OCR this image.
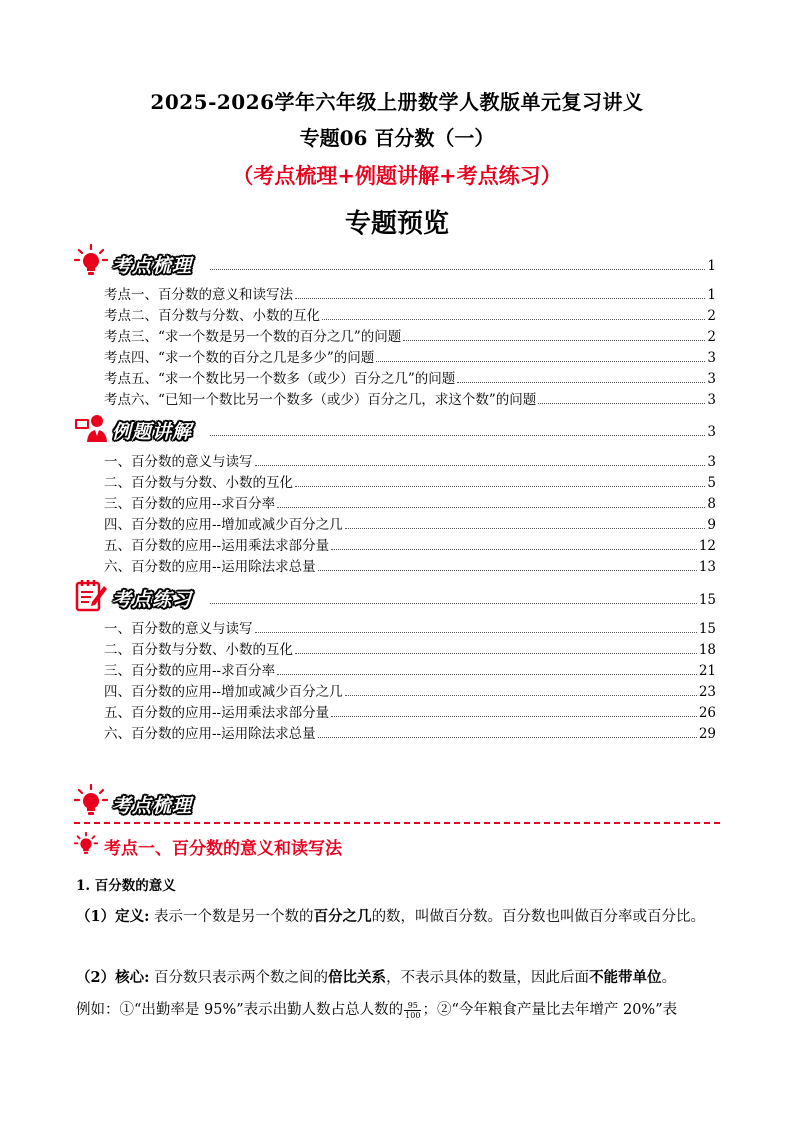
2025-2026学年六年级上册数学人教版单元复习讲义
专题06 百分数（一）
（考点梳理+例题讲解+考点练习）
专题预览
考点梳理	1
考点一、百分数的意义和读写法	1
考点二、百分数与分数、小数的互化	2
考点三、“求一个数是另一个数的百分之几”的问题	2
考点四、“求一个数的百分之几是多少”的问题	3
考点五、“求一个数比另一个数多（或少）百分之几”的问题	3
考点六、“已知一个数比另一个数多（或少）百分之几，求这个数”的问题	3
例题讲解	3
一、百分数的意义与读写	3
二、百分数与分数、小数的互化	5
三、百分数的应用--求百分率	8
四、百分数的应用--增加或减少百分之几	9
五、百分数的应用--运用乘法求部分量	12
六、百分数的应用--运用除法求总量	13
考点练习	15
一、百分数的意义与读写	15
二、百分数与分数、小数的互化	18
三、百分数的应用--求百分率	21
四、百分数的应用--增加或减少百分之几	23
五、百分数的应用--运用乘法求部分量	26
六、百分数的应用--运用除法求总量	29
考点梳理
考点一、百分数的意义和读写法
1. 百分数的意义
（1）定义: 表示一个数是另一个数的百分之几的数，叫做百分数。百分数也叫做百分率或百分比。
（2）核心: 百分数只表示两个数之间的倍比关系，不表示具体的数量，因此后面不能带单位。
例如：①“出勤率是 95%”表示出勤人数占总人数的 $\frac{95}{100}$ ；②“今年粮食产量比去年增产 20%”表
